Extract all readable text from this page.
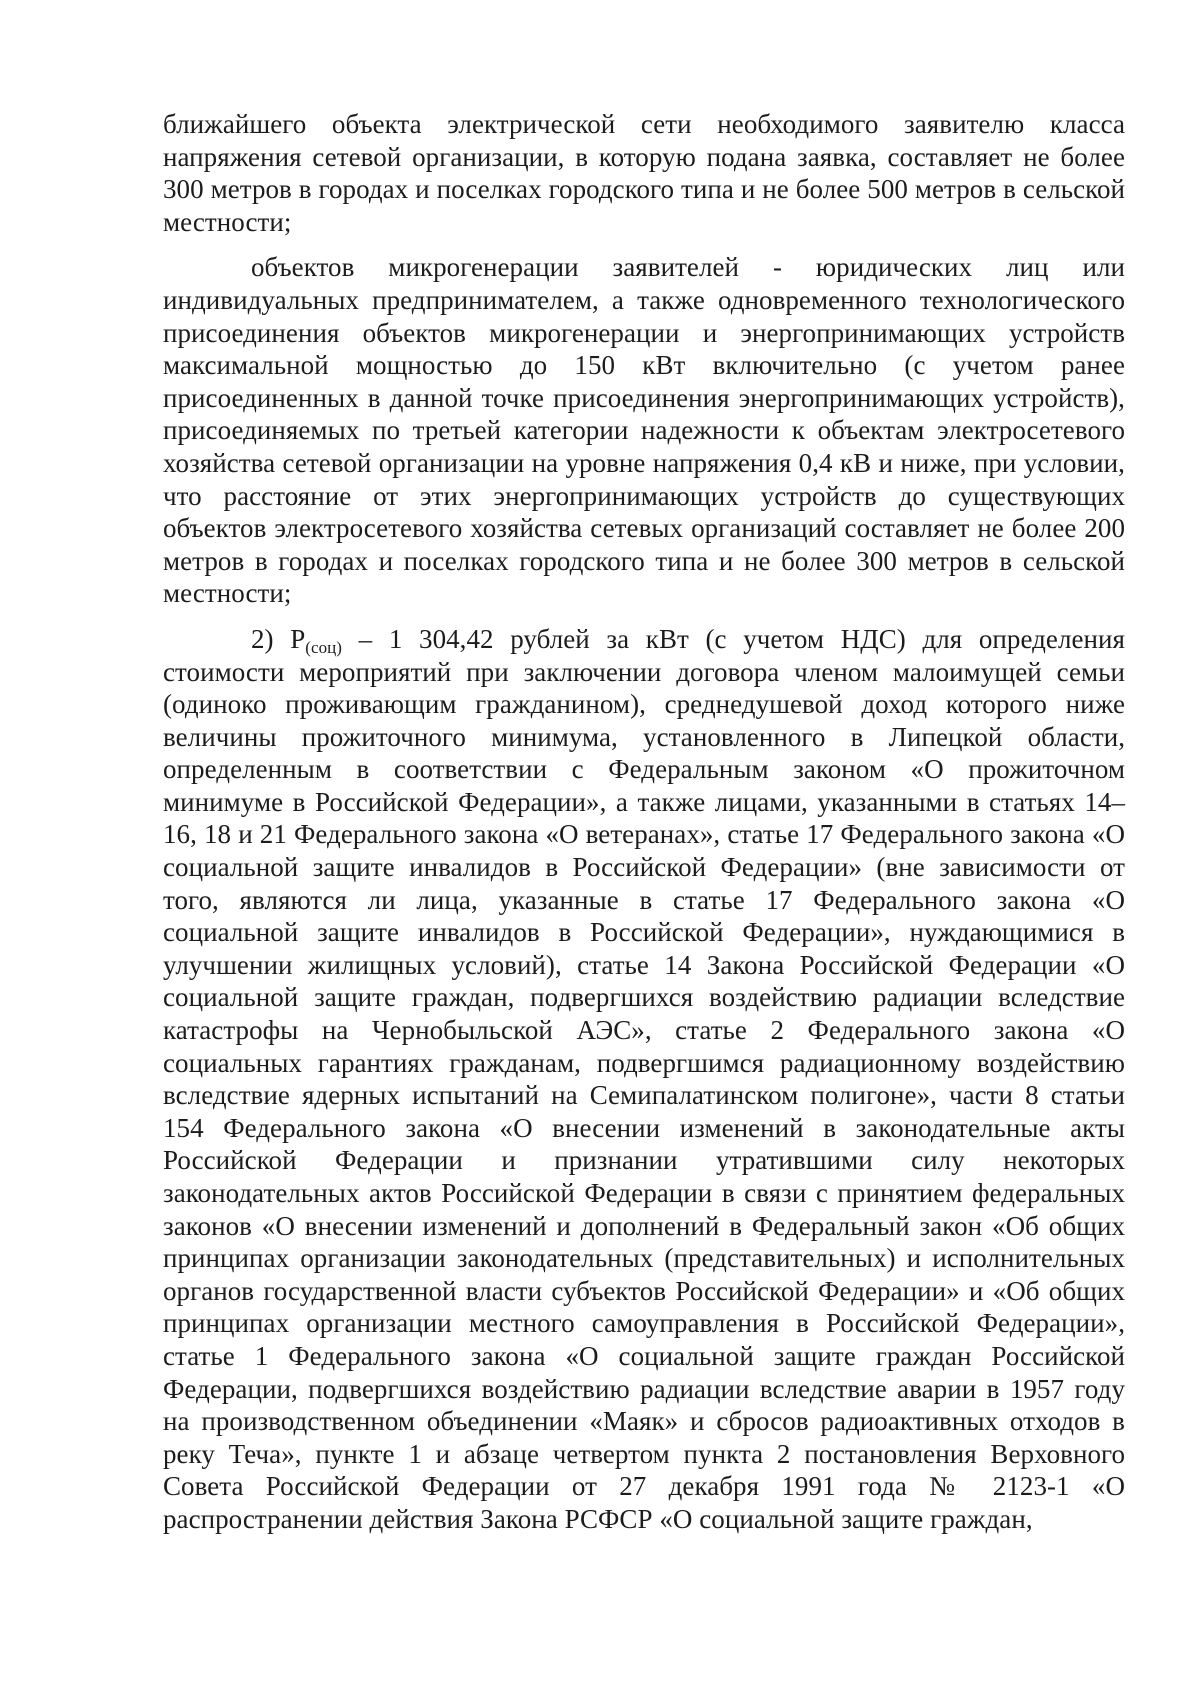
ближайшего объекта электрической сети необходимого заявителю класса напряжения сетевой организации, в которую подана заявка, составляет не более 300 метров в городах и поселках городского типа и не более 500 метров в сельской местности;

объектов микрогенерации заявителей - юридических лиц или индивидуальных предпринимателем, а также одновременного технологического присоединения объектов микрогенерации и энергопринимающих устройств максимальной мощностью до 150 кВт включительно (с учетом ранее присоединенных в данной точке присоединения энергопринимающих устройств), присоединяемых по третьей категории надежности к объектам электросетевого хозяйства сетевой организации на уровне напряжения 0,4 кВ и ниже, при условии, что расстояние от этих энергопринимающих устройств до существующих объектов электросетевого хозяйства сетевых организаций составляет не более 200 метров в городах и поселках городского типа и не более 300 метров в сельской местности;

2) $P_{(соц)} - 1$ 304,42 рублей за кВт (с учетом НДС) для определения стоимости мероприятий при заключении договора членом малоимущей семьи (одиноко проживающим гражданином), среднедушевой доход которого ниже величины прожиточного минимума, установленного в Липецкой области, определенным в соответствии с Федеральным законом «О прожиточном минимуме в Российской Федерации», а также лицами, указанными в статьях 14–16, 18 и 21 Федерального закона «О ветеранах», статье 17 Федерального закона «О социальной защите инвалидов в Российской Федерации» (вне зависимости от того, являются ли лица, указанные в статье 17 Федерального закона «О социальной защите инвалидов в Российской Федерации», нуждающимися в улучшении жилищных условий), статье 14 Закона Российской Федерации «О социальной защите граждан, подвергшихся воздействию радиации вследствие катастрофы на Чернобыльской АЭС», статье 2 Федерального закона «О социальных гарантиях гражданам, подвергшимся радиационному воздействию вследствие ядерных испытаний на Семипалатинском полигоне», части 8 статьи 154 Федерального закона «О внесении изменений в законодательные акты Российской Федерации и признании утратившими силу некоторых законодательных актов Российской Федерации в связи с принятием федеральных законов «О внесении изменений и дополнений в Федеральный закон «Об общих принципах организации законодательных (представительных) и исполнительных органов государственной власти субъектов Российской Федерации» и «Об общих принципах организации местного самоуправления в Российской Федерации», статье 1 Федерального закона «О социальной защите граждан Российской Федерации, подвергшихся воздействию радиации вследствие аварии в 1957 году на производственном объединении «Маяк» и сбросов радиоактивных отходов в реку Теча», пункте 1 и абзаце четвертом пункта 2 постановления Верховного Совета Российской Федерации от 27 декабря 1991 года № 2123-1 «О распространении действия Закона РСФСР «О социальной защите граждан,
